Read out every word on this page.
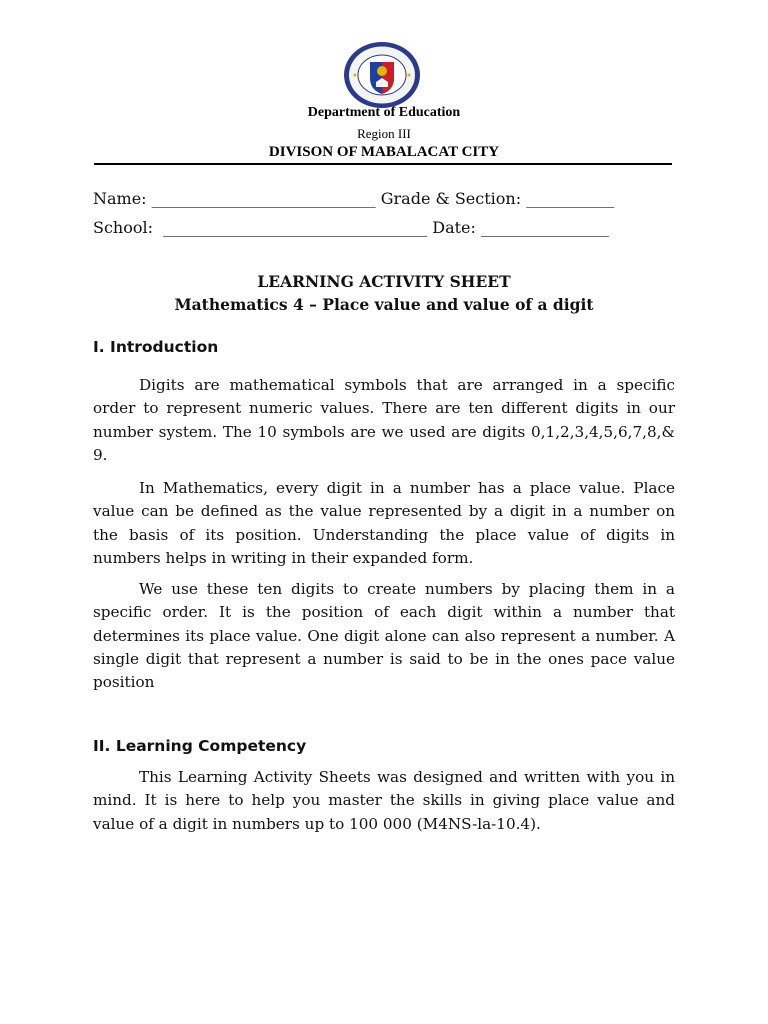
Department of Education
Region III
DIVISON OF MABALACAT CITY
Name: ____________________________ Grade & Section: ___________
School:  _________________________________ Date: ________________
LEARNING ACTIVITY SHEET
Mathematics 4 – Place value and value of a digit
I. Introduction

Digits are mathematical symbols that are arranged in a specific order to represent numeric values. There are ten different digits in our number system. The 10 symbols are we used are digits 0,1,2,3,4,5,6,7,8,& 9.

In Mathematics, every digit in a number has a place value. Place value can be defined as the value represented by a digit in a number on the basis of its position. Understanding the place value of digits in numbers helps in writing in their expanded form.

We use these ten digits to create numbers by placing them in a specific order. It is the position of each digit within a number that determines its place value. One digit alone can also represent a number. A single digit that represent a number is said to be in the ones pace value position

II. Learning Competency

This Learning Activity Sheets was designed and written with you in mind. It is here to help you master the skills in giving place value and value of a digit in numbers up to 100 000 (M4NS-la-10.4).
